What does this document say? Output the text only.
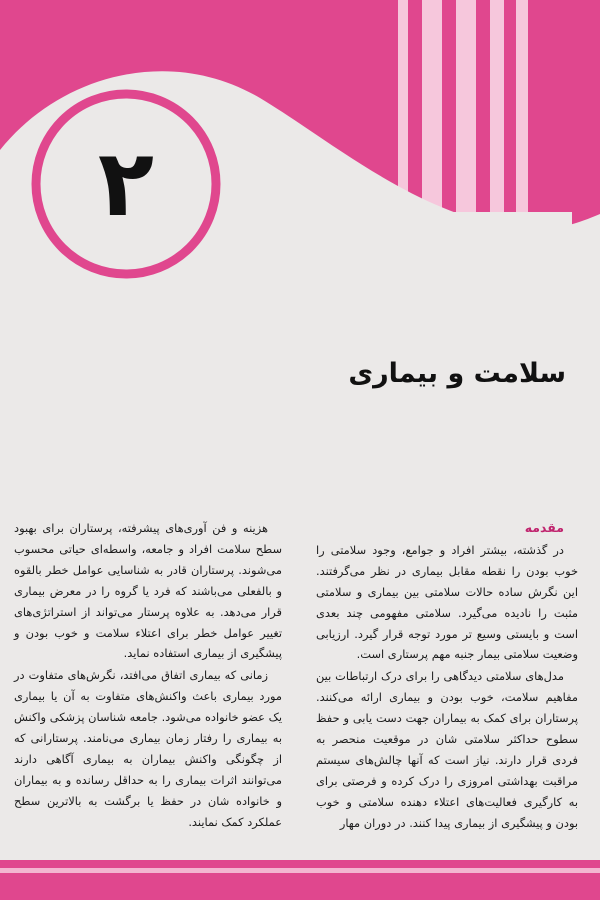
۲
سلامت و بیماری

مقدمه

در گذشته، بیشتر افراد و جوامع، وجود سلامتی را خوب بودن را نقطه مقابل بیماری در نظر می‌گرفتند. این نگرش ساده حالات سلامتی بین بیماری و سلامتی مثبت را نادیده می‌گیرد. سلامتی مفهومی چند بعدی است و بایستی وسیع تر مورد توجه قرار گیرد. ارزیابی وضعیت سلامتی بیمار جنبه مهم پرستاری است.

مدل‌های سلامتی دیدگاهی را برای درک ارتباطات بین مفاهیم سلامت، خوب بودن و بیماری ارائه می‌کنند. پرستاران برای کمک به بیماران جهت دست یابی و حفظ سطوح حداکثر سلامتی شان در موقعیت منحصر به فردی قرار دارند. نیاز است که آنها چالش‌های سیستم مراقبت بهداشتی امروزی را درک کرده و فرصتی برای به کارگیری فعالیت‌های اعتلاء دهنده سلامتی و خوب بودن و پیشگیری از بیماری پیدا کنند. در دوران مهار

هزینه و فن آوری‌های پیشرفته، پرستاران برای بهبود سطح سلامت افراد و جامعه، واسطه‌ای حیاتی محسوب می‌شوند. پرستاران قادر به شناسایی عوامل خطر بالقوه و بالفعلی می‌باشند که فرد یا گروه را در معرض بیماری قرار می‌دهد. به علاوه پرستار می‌تواند از استراتژی‌های تغییر عوامل خطر برای اعتلاء سلامت و خوب بودن و پیشگیری از بیماری استفاده نماید.

زمانی که بیماری اتفاق می‌افتد، نگرش‌های متفاوت در مورد بیماری باعث واکنش‌های متفاوت به آن یا بیماری یک عضو خانواده می‌شود. جامعه شناسان پزشکی واکنش به بیماری را رفتار زمان بیماری می‌نامند. پرستارانی که از چگونگی واکنش بیماران به بیماری آگاهی دارند می‌توانند اثرات بیماری را به حداقل رسانده و به بیماران و خانواده شان در حفظ یا برگشت به بالاترین سطح عملکرد کمک نمایند.
